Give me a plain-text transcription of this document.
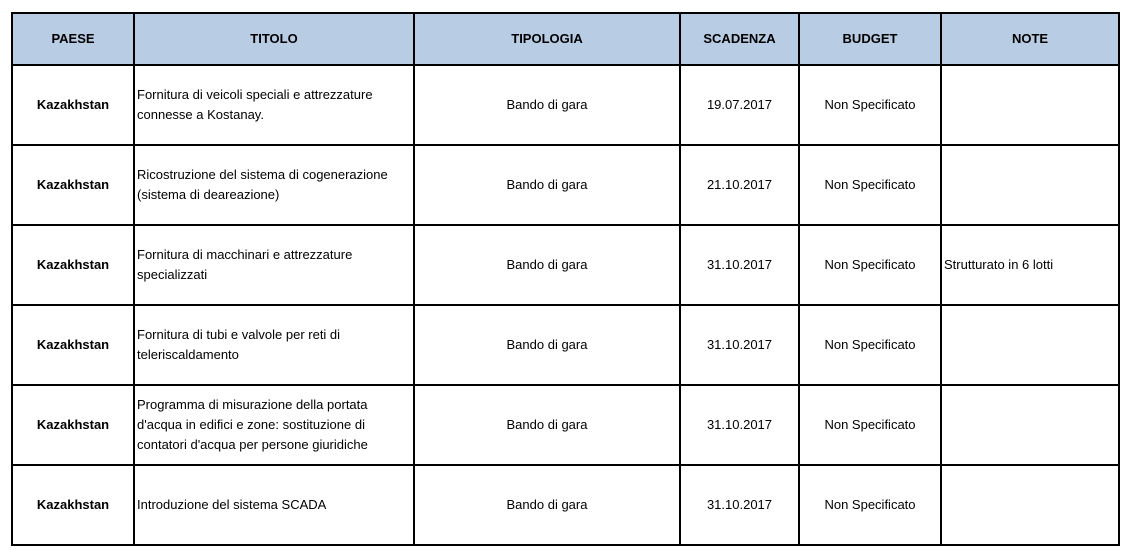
PAESE	TITOLO	TIPOLOGIA	SCADENZA	BUDGET	NOTE
Kazakhstan	Fornitura di veicoli speciali e attrezzature connesse a Kostanay.	Bando di gara	19.07.2017	Non Specificato	
Kazakhstan	Ricostruzione del sistema di cogenerazione (sistema di deareazione)	Bando di gara	21.10.2017	Non Specificato	
Kazakhstan	Fornitura di macchinari e attrezzature specializzati	Bando di gara	31.10.2017	Non Specificato	Strutturato in 6 lotti
Kazakhstan	Fornitura di tubi e valvole per reti di teleriscaldamento	Bando di gara	31.10.2017	Non Specificato	
Kazakhstan	Programma di misurazione della portata d'acqua in edifici e zone: sostituzione di contatori d'acqua per persone giuridiche	Bando di gara	31.10.2017	Non Specificato	
Kazakhstan	Introduzione del sistema SCADA	Bando di gara	31.10.2017	Non Specificato	
